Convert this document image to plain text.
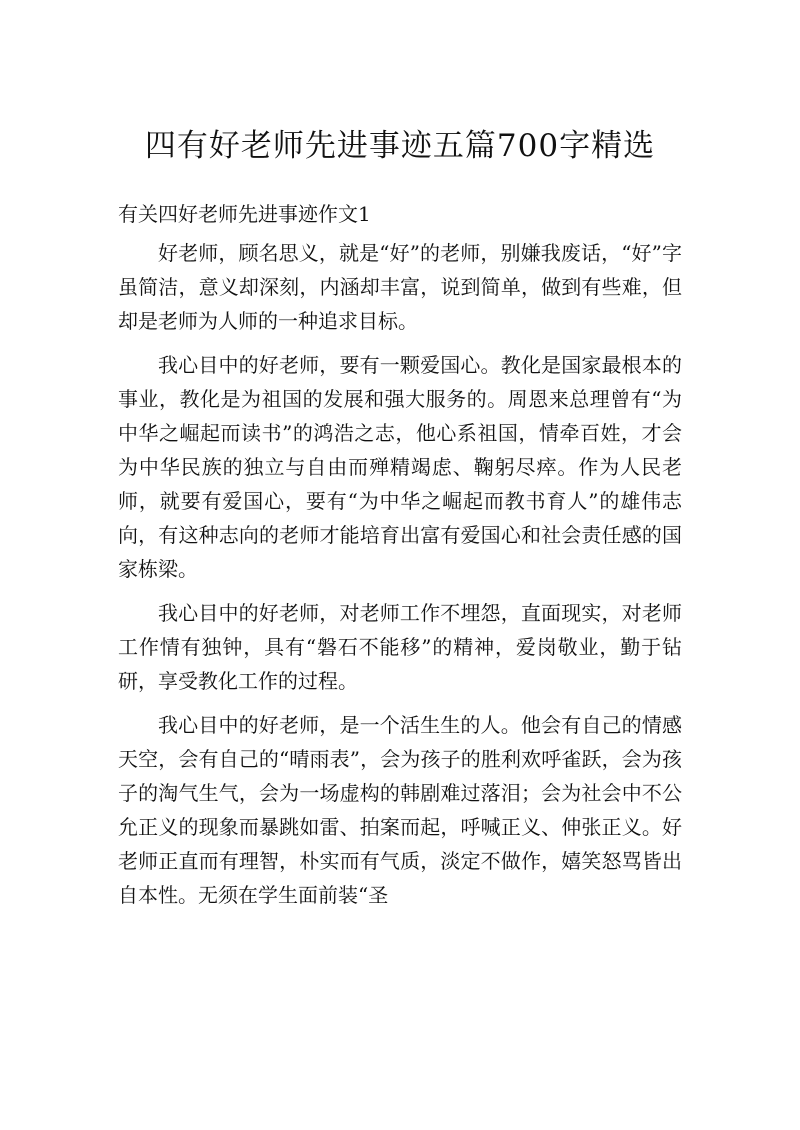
四有好老师先进事迹五篇700字精选

有关四好老师先进事迹作文1

好老师，顾名思义，就是“好”的老师，别嫌我废话，“好”字虽简洁，意义却深刻，内涵却丰富，说到简单，做到有些难，但却是老师为人师的一种追求目标。

我心目中的好老师，要有一颗爱国心。教化是国家最根本的事业，教化是为祖国的发展和强大服务的。周恩来总理曾有“为中华之崛起而读书”的鸿浩之志，他心系祖国，情牵百姓，才会为中华民族的独立与自由而殚精竭虑、鞠躬尽瘁。作为人民老师，就要有爱国心，要有“为中华之崛起而教书育人”的雄伟志向，有这种志向的老师才能培育出富有爱国心和社会责任感的国家栋梁。

我心目中的好老师，对老师工作不埋怨，直面现实，对老师工作情有独钟，具有“磐石不能移”的精神，爱岗敬业，勤于钻研，享受教化工作的过程。

我心目中的好老师，是一个活生生的人。他会有自己的情感天空，会有自己的“晴雨表”，会为孩子的胜利欢呼雀跃，会为孩子的淘气生气，会为一场虚构的韩剧难过落泪；会为社会中不公允正义的现象而暴跳如雷、拍案而起，呼喊正义、伸张正义。好老师正直而有理智，朴实而有气质，淡定不做作，嬉笑怒骂皆出自本性。无须在学生面前装“圣
